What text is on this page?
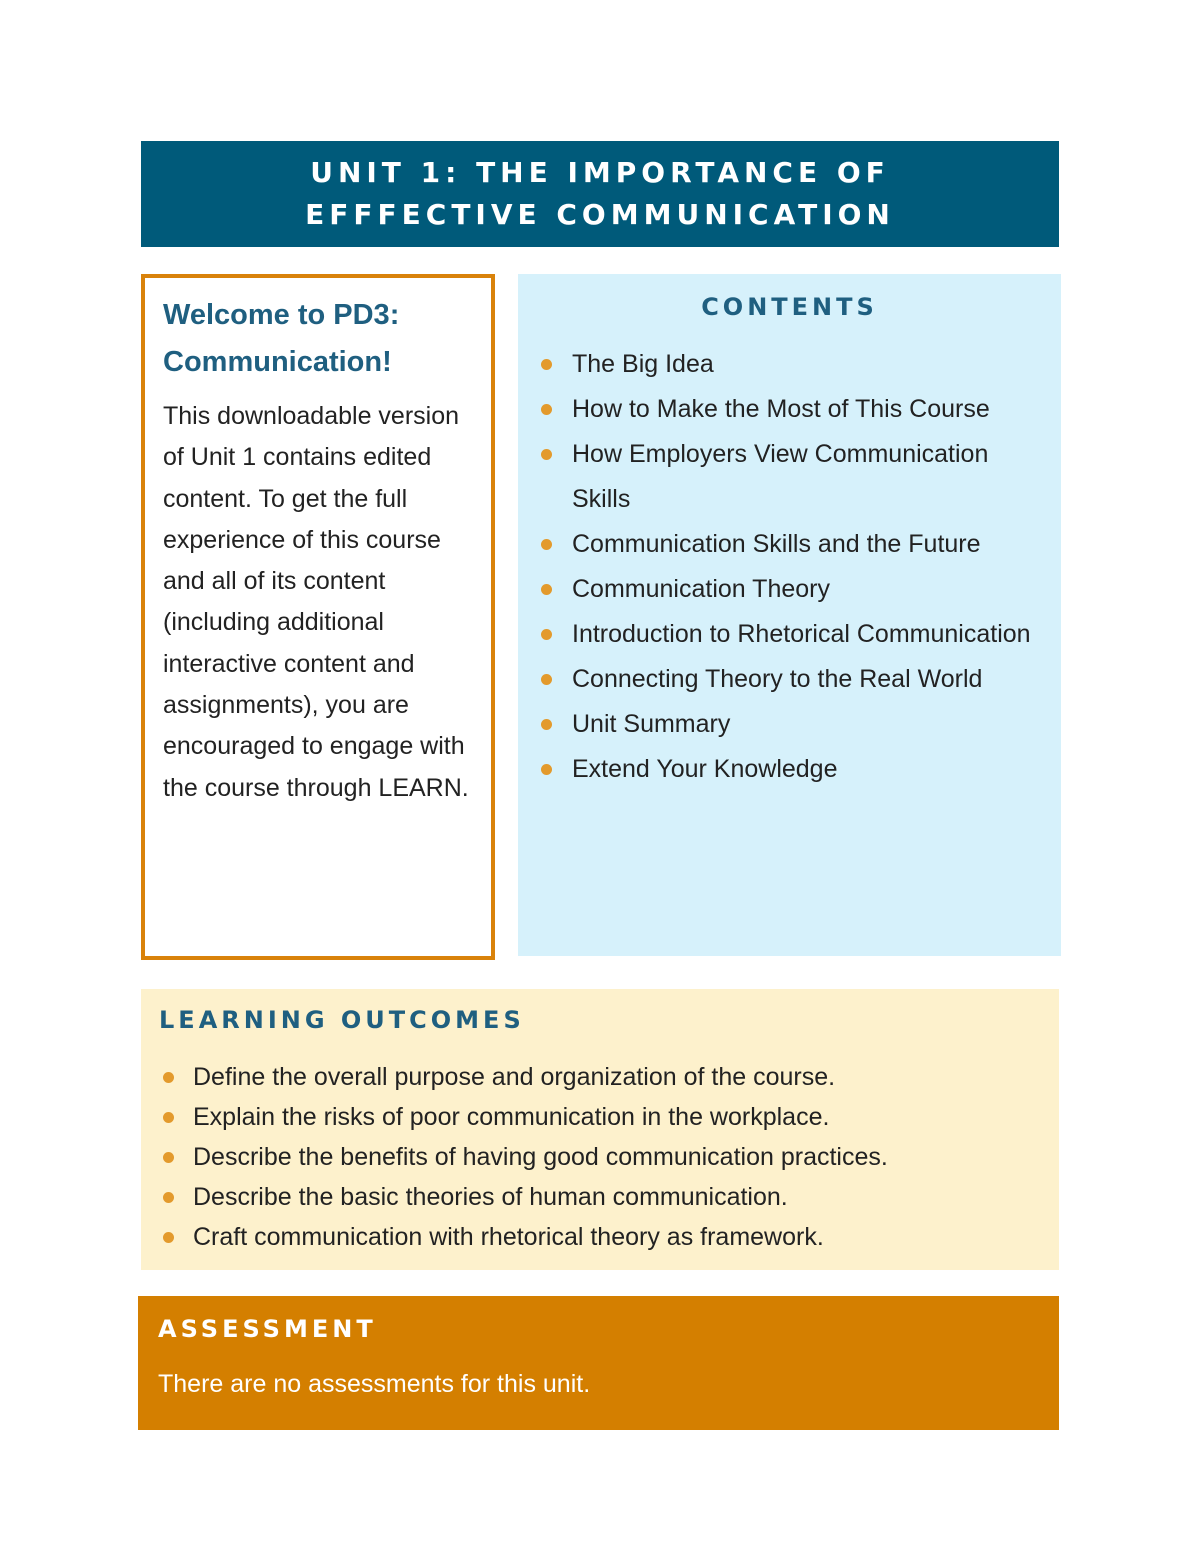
UNIT 1: THE IMPORTANCE OF
EFFFECTIVE COMMUNICATION
Welcome to PD3:
Communication!

This downloadable version of Unit 1 contains edited content. To get the full experience of this course and all of its content (including additional interactive content and assignments), you are encouraged to engage with the course through LEARN.

CONTENTS
The Big Idea
How to Make the Most of This Course
How Employers View Communication Skills
Communication Skills and the Future
Communication Theory
Introduction to Rhetorical Communication
Connecting Theory to the Real World
Unit Summary
Extend Your Knowledge
LEARNING OUTCOMES
Define the overall purpose and organization of the course.
Explain the risks of poor communication in the workplace.
Describe the benefits of having good communication practices.
Describe the basic theories of human communication.
Craft communication with rhetorical theory as framework.
ASSESSMENT

There are no assessments for this unit.
